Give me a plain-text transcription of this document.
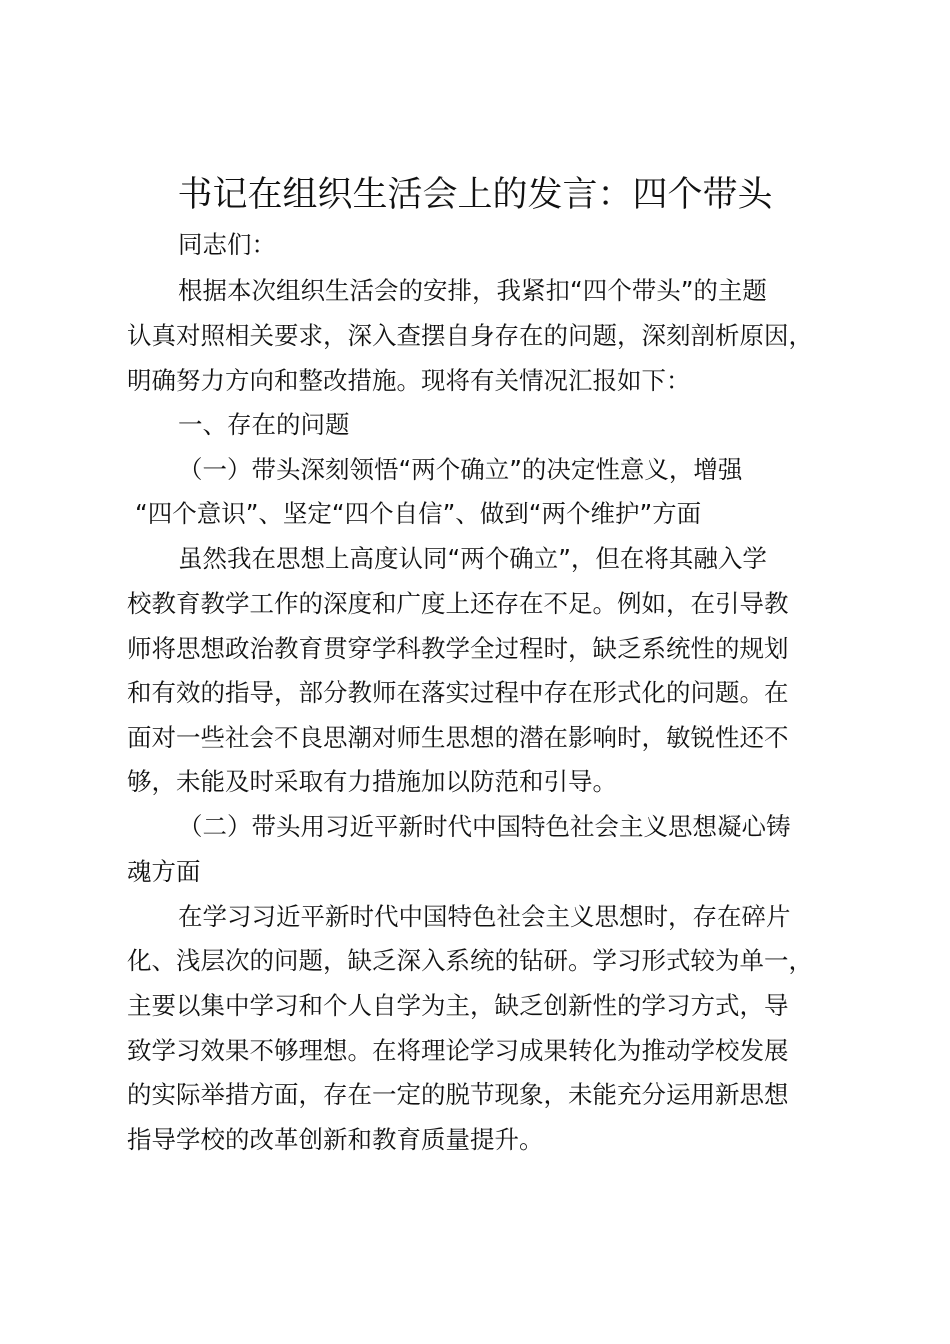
书记在组织生活会上的发言：四个带头
同志们：
根据本次组织生活会的安排，我紧扣“四个带头”的主题
认真对照相关要求，深入查摆自身存在的问题，深刻剖析原因，
明确努力方向和整改措施。现将有关情况汇报如下：
一、存在的问题
（一）带头深刻领悟“两个确立”的决定性意义，增强
“四个意识”、坚定“四个自信”、做到“两个维护”方面
虽然我在思想上高度认同“两个确立”，但在将其融入学
校教育教学工作的深度和广度上还存在不足。例如，在引导教
师将思想政治教育贯穿学科教学全过程时，缺乏系统性的规划
和有效的指导，部分教师在落实过程中存在形式化的问题。在
面对一些社会不良思潮对师生思想的潜在影响时，敏锐性还不
够，未能及时采取有力措施加以防范和引导。
（二）带头用习近平新时代中国特色社会主义思想凝心铸
魂方面
在学习习近平新时代中国特色社会主义思想时，存在碎片
化、浅层次的问题，缺乏深入系统的钻研。学习形式较为单一，
主要以集中学习和个人自学为主，缺乏创新性的学习方式，导
致学习效果不够理想。在将理论学习成果转化为推动学校发展
的实际举措方面，存在一定的脱节现象，未能充分运用新思想
指导学校的改革创新和教育质量提升。
